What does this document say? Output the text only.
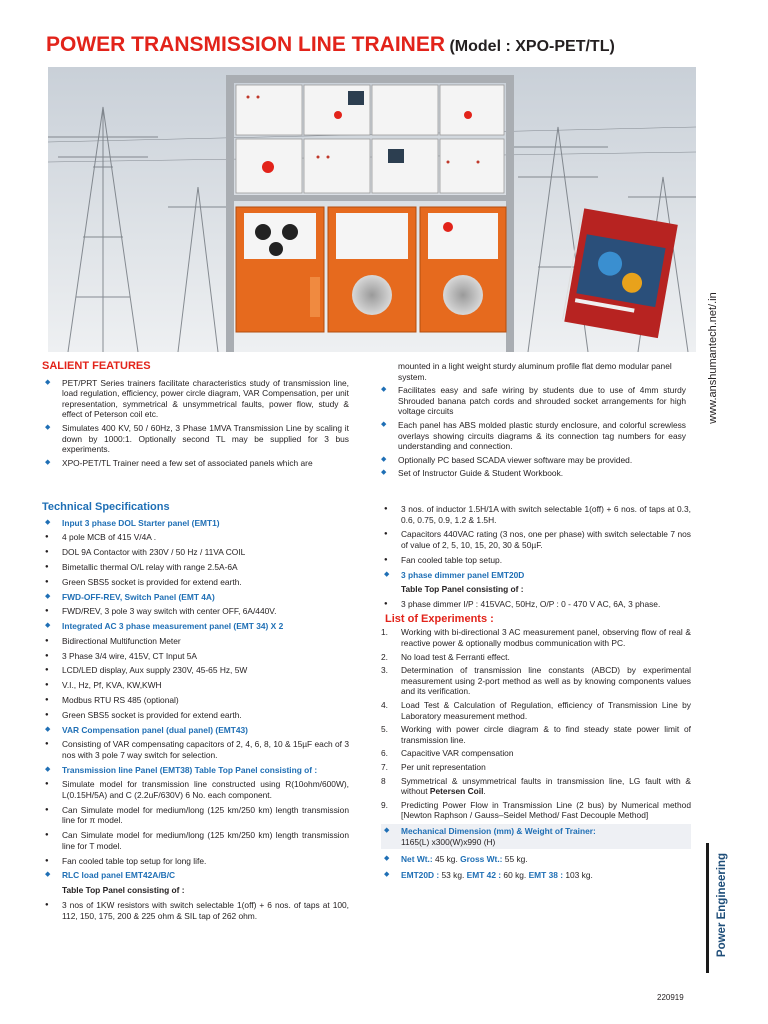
POWER TRANSMISSION LINE TRAINER (Model : XPO-PET/TL)
www.anshumantech.net/.in
Power Engineering
SALIENT FEATURES
◆ PET/PRT Series trainers facilitate characteristics study of transmission line, load regulation, efficiency, power circle diagram, VAR Compensation, per unit representation, symmetrical & unsymmetrical faults, power flow, study & effect of Peterson coil etc.
◆ Simulates 400 KV, 50 / 60Hz, 3 Phase 1MVA Transmission Line by scaling it down by 1000:1. Optionally second TL may be supplied for 3 bus experiments.
◆ XPO-PET/TL Trainer need a few set of associated panels which are
mounted in a light weight sturdy aluminum profile flat demo modular panel system.
◆ Facilitates easy and safe wiring by students due to use of 4mm sturdy Shrouded banana patch cords and shrouded socket arrangements for high voltage circuits
◆ Each panel has ABS molded plastic sturdy enclosure, and colorful screwless overlays showing circuits diagrams & its connection tag numbers for easy understanding and connection.
◆ Optionally PC based SCADA viewer software may be provided.
◆ Set of Instructor Guide & Student Workbook.
Technical Specifications
◆ Input 3 phase DOL Starter panel (EMT1)
● 4 pole MCB of 415 V/4A .
● DOL 9A Contactor with 230V / 50 Hz / 11VA COIL
● Bimetallic thermal O/L relay with range 2.5A-6A
● Green SBS5 socket is provided for extend earth.
◆ FWD-OFF-REV, Switch Panel (EMT 4A)
● FWD/REV, 3 pole 3 way switch with center OFF, 6A/440V.
◆ Integrated AC 3 phase measurement panel (EMT 34) X 2
● Bidirectional Multifunction Meter
● 3 Phase 3/4 wire, 415V, CT Input 5A
● LCD/LED display, Aux supply 230V, 45-65 Hz, 5W
● V.I., Hz, Pf, KVA, KW,KWH
● Modbus RTU RS 485 (optional)
● Green SBS5 socket is provided for extend earth.
◆ VAR Compensation panel (dual panel) (EMT43)
● Consisting of VAR compensating capacitors of 2, 4, 6, 8, 10 & 15µF each of 3 nos with 3 pole 7 way switch for selection.
◆ Transmission line Panel (EMT38) Table Top Panel consisting of :
● Simulate model for transmission line constructed using R(10ohm/600W), L(0.15H/5A) and C (2.2uF/630V) 6 No. each component.
● Can Simulate model for medium/long (125 km/250 km) length transmission line for π model.
● Can Simulate model for medium/long (125 km/250 km) length transmission line for T model.
● Fan cooled table top setup for long life.
◆ RLC load panel EMT42A/B/C
Table Top Panel consisting of :
● 3 nos of 1KW resistors with switch selectable 1(off) + 6 nos. of taps at 100, 112, 150, 175, 200 & 225 ohm & SIL tap of 262 ohm.
● 3 nos. of inductor 1.5H/1A with switch selectable 1(off) + 6 nos. of taps at 0.3, 0.6, 0.75, 0.9, 1.2 & 1.5H.
● Capacitors 440VAC rating (3 nos, one per phase) with switch selectable 7 nos of value of 2, 5, 10, 15, 20, 30 & 50µF.
● Fan cooled table top setup.
◆ 3 phase dimmer panel EMT20D
Table Top Panel consisting of :
● 3 phase dimmer I/P : 415VAC, 50Hz, O/P : 0 - 470 V AC, 6A, 3 phase.
List of Experiments :
1. Working with bi-directional 3 AC measurement panel, observing flow of real & reactive power & optionally modbus communication with PC.
2. No load test & Ferranti effect.
3. Determination of transmission line constants (ABCD) by experimental measurement using 2-port method as well as by knowing components values and its verification.
4. Load Test & Calculation of Regulation, efficiency of Transmission Line by Laboratory measurement method.
5. Working with power circle diagram & to find steady state power limit of transmission line.
6. Capacitive VAR compensation
7. Per unit representation
8 Symmetrical & unsymmetrical faults in transmission line, LG fault with & without Petersen Coil.
9. Predicting Power Flow in Transmission Line (2 bus) by Numerical method [Newton Raphson / Gauss–Seidel Method/ Fast Decouple Method]
◆ Mechanical Dimension (mm) & Weight of Trainer:
1165(L) x300(W)x990 (H)
◆ Net Wt.: 45 kg. Gross Wt.: 55 kg.
◆ EMT20D : 53 kg. EMT 42 : 60 kg. EMT 38 : 103 kg.
220919
